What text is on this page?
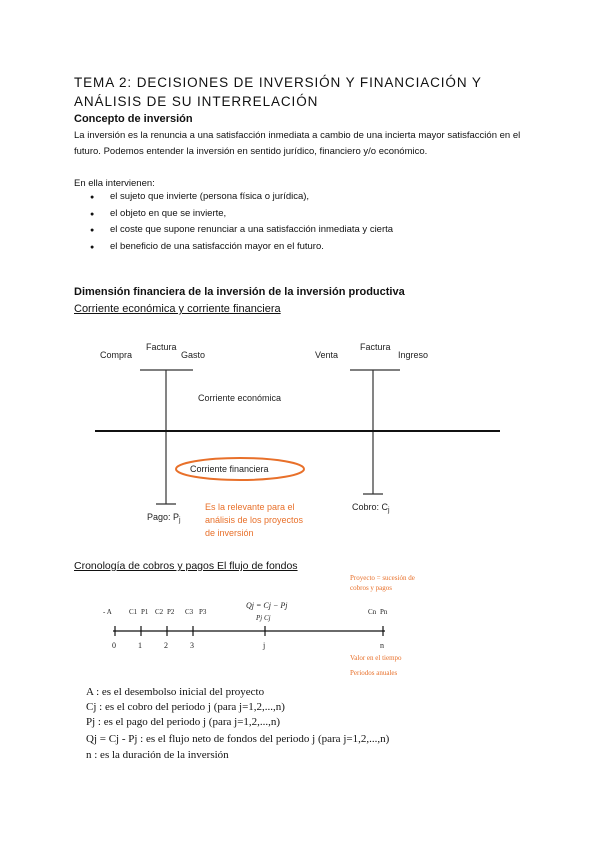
TEMA 2: DECISIONES DE INVERSIÓN Y FINANCIACIÓN Y ANÁLISIS DE SU INTERRELACIÓN
Concepto de inversión
La inversión es la renuncia a una satisfacción inmediata a cambio de una incierta mayor satisfacción en el futuro. Podemos entender la inversión en sentido jurídico, financiero y/o económico.
En ella intervienen:
● el sujeto que invierte (persona física o jurídica),
● el objeto en que se invierte,
● el coste que supone renunciar a una satisfacción inmediata y cierta
● el beneficio de una satisfacción mayor en el futuro.
Dimensión financiera de la inversión de la inversión productiva
Corriente económica y corriente financiera
Factura
Compra	Gasto
Pago: $P_j$
Factura
Venta	Ingreso
Cobro: $C_j$
Corriente económica
Corriente financiera
Es la relevante para el
análisis de los proyectos
de inversión
Proyecto = sucesión de
cobros y pagos
- A C1 P1 C2 P2 C3 P3	Cn Pn
Qj = Cj − Pj
Pj Cj
0	1	2	3	j	n
Valor en el tiempo
Periodos anuales
Cronología de cobros y pagos El flujo de fondos
A : es el desembolso inicial del proyecto
Cj : es el cobro del periodo j (para j=1,2,...,n)
Pj : es el pago del periodo j (para j=1,2,...,n)
Qj = Cj - Pj : es el flujo neto de fondos del periodo j (para j=1,2,...,n)
n : es la duración de la inversión
